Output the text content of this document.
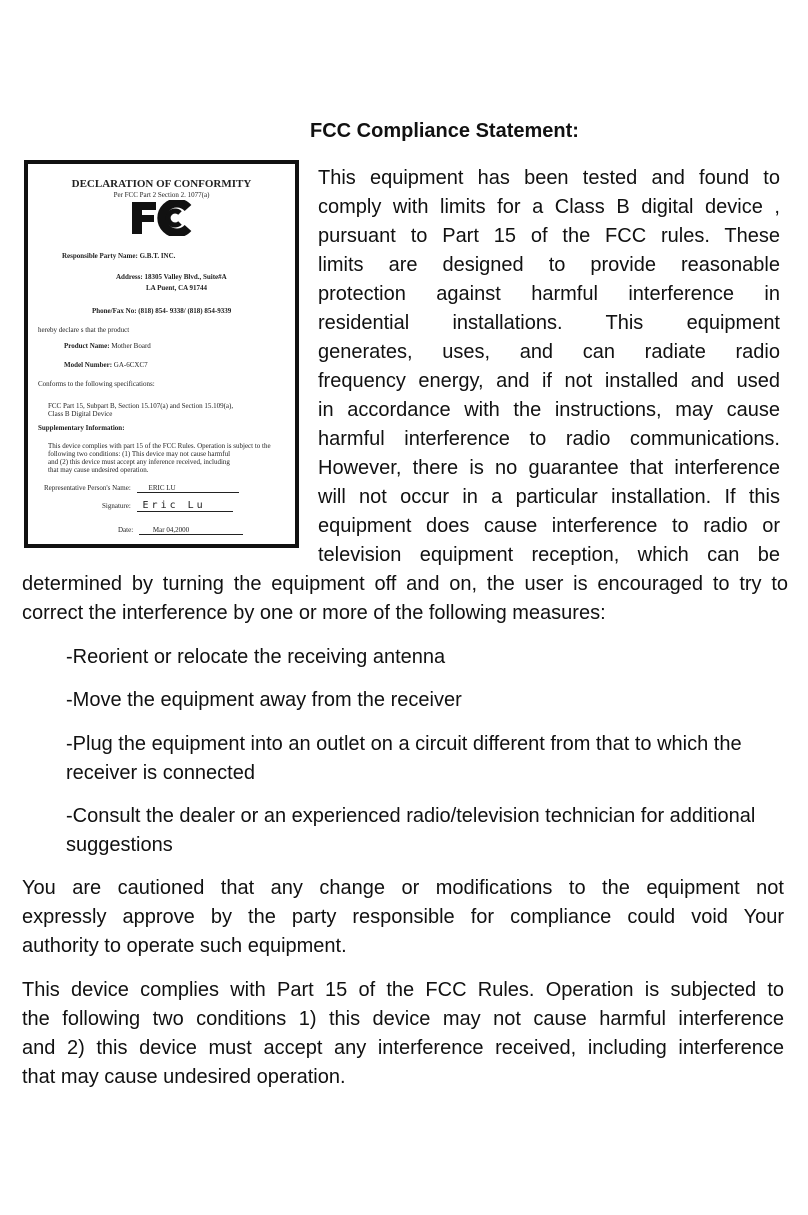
FCC Compliance Statement:
DECLARATION OF CONFORMITY
Per FCC Part 2 Section 2. 1077(a)
Responsible Party Name: G.B.T. INC.
Address: 18305 Valley Blvd., Suite#A
LA Puent, CA 91744
Phone/Fax No: (818) 854- 9338/ (818) 854-9339
hereby declare s that the product
Product Name: Mother Board
Model Number: GA-6CXC7
Conforms to the following specifications:
FCC Part 15, Subpart B, Section 15.107(a) and Section 15.109(a),
Class B Digital Device
Supplementary Information:
This device complies with part 15 of the FCC Rules. Operation is subject to the
following two conditions: (1) This device may not cause harmful
and (2) this device must accept any inference received, including
that may cause undesired operation.
Representative Person's Name:	ERIC LU
Signature: Eric Lu
Date:	Mar 04,2000
This equipment has been tested and found to
comply with limits for a Class B digital device ,
pursuant to Part 15 of the FCC rules. These
limits are designed to provide reasonable
protection against harmful interference in
residential installations. This equipment
generates, uses, and can radiate radio
frequency energy, and if not installed and used
in accordance with the instructions, may cause
harmful interference to radio communications.
However, there is no guarantee that interference
will not occur in a particular installation. If this
equipment does cause interference to radio or
television equipment reception, which can be
determined by turning the equipment off and on, the user is encouraged to try to
correct the interference by one or more of the following measures:
-Reorient or relocate the receiving antenna
-Move the equipment away from the receiver
-Plug the equipment into an outlet on a circuit different from that to which the receiver is connected
-Consult the dealer or an experienced radio/television technician for additional suggestions
You are cautioned that any change or modifications to the equipment not
expressly approve by the party responsible for compliance could void Your
authority to operate such equipment.
This device complies with Part 15 of the FCC Rules. Operation is subjected to
the following two conditions 1) this device may not cause harmful interference
and 2) this device must accept any interference received, including interference
that may cause undesired operation.
